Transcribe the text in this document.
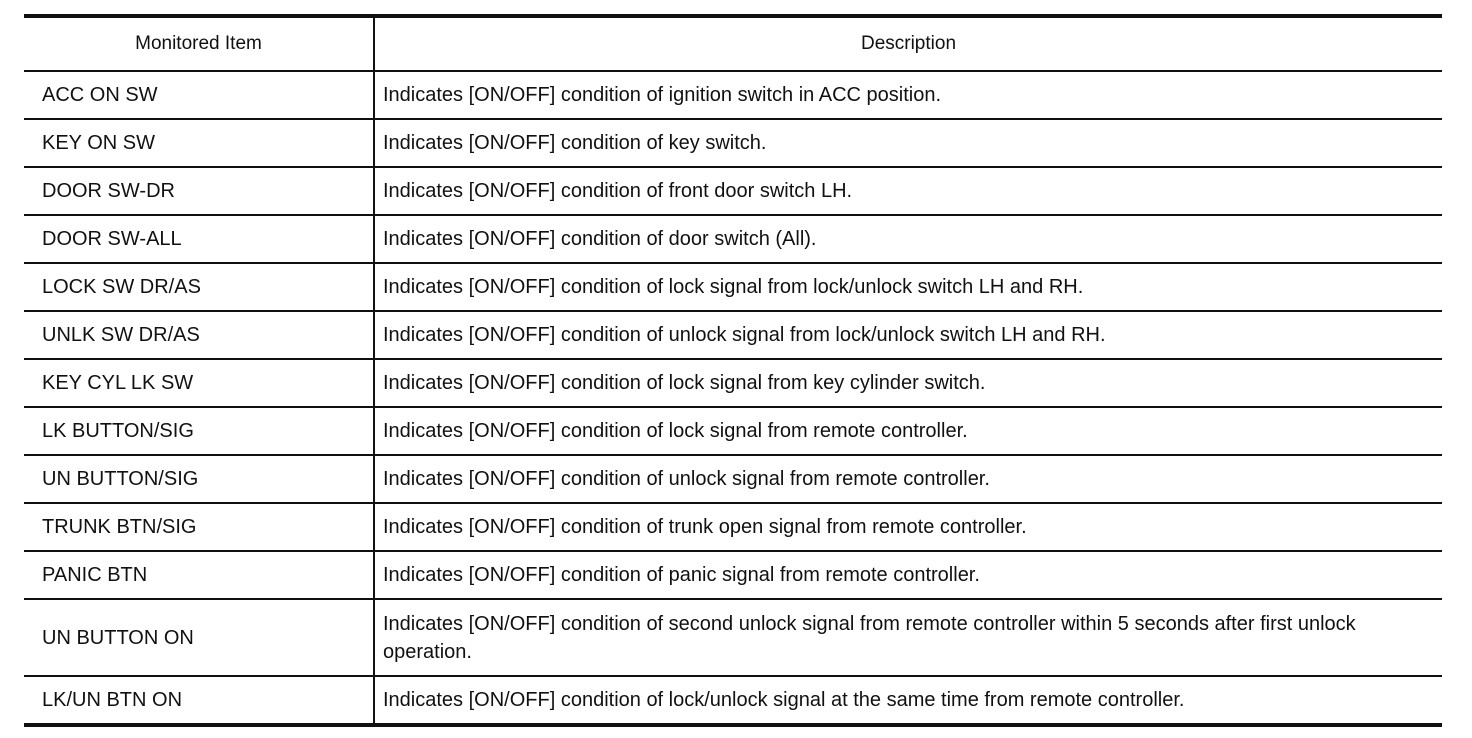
Monitored Item	Description
ACC ON SW	Indicates [ON/OFF] condition of ignition switch in ACC position.
KEY ON SW	Indicates [ON/OFF] condition of key switch.
DOOR SW-DR	Indicates [ON/OFF] condition of front door switch LH.
DOOR SW-ALL	Indicates [ON/OFF] condition of door switch (All).
LOCK SW DR/AS	Indicates [ON/OFF] condition of lock signal from lock/unlock switch LH and RH.
UNLK SW DR/AS	Indicates [ON/OFF] condition of unlock signal from lock/unlock switch LH and RH.
KEY CYL LK SW	Indicates [ON/OFF] condition of lock signal from key cylinder switch.
LK BUTTON/SIG	Indicates [ON/OFF] condition of lock signal from remote controller.
UN BUTTON/SIG	Indicates [ON/OFF] condition of unlock signal from remote controller.
TRUNK BTN/SIG	Indicates [ON/OFF] condition of trunk open signal from remote controller.
PANIC BTN	Indicates [ON/OFF] condition of panic signal from remote controller.
UN BUTTON ON	Indicates [ON/OFF] condition of second unlock signal from remote controller within 5 seconds after first unlock operation.
LK/UN BTN ON	Indicates [ON/OFF] condition of lock/unlock signal at the same time from remote controller.
